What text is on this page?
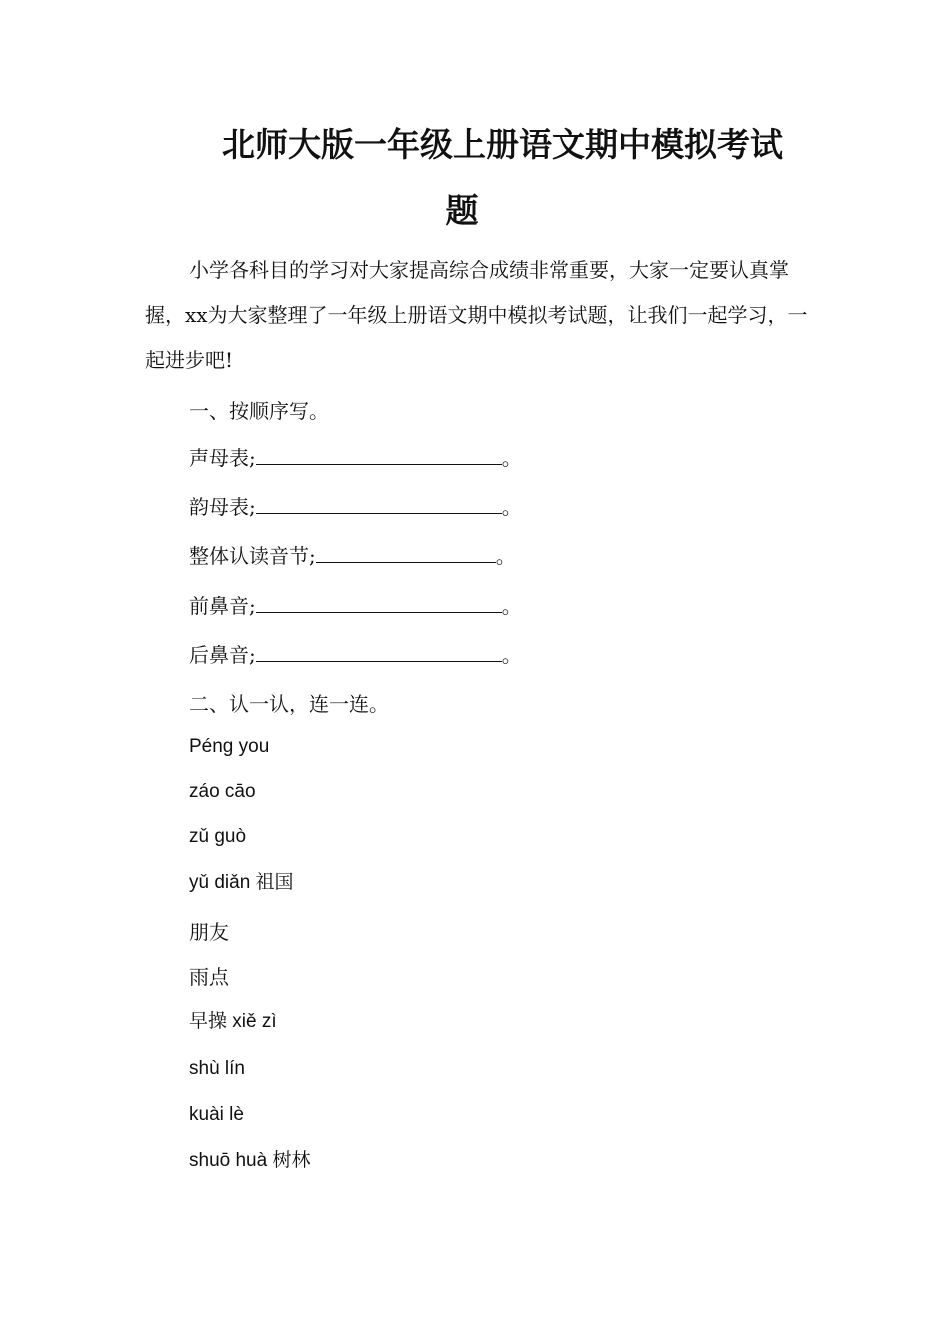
北师大版一年级上册语文期中模拟考试
题
小学各科目的学习对大家提高综合成绩非常重要，大家一定要认真掌握，xx为大家整理了一年级上册语文期中模拟考试题，让我们一起学习，一起进步吧!
一、按顺序写。
声母表;	。
韵母表;	。
整体认读音节;	。
前鼻音;	。
后鼻音;	。
二、认一认，连一连。
Péng you
záo cāo
zǔ guò
yǔ diǎn 祖国
朋友
雨点
早操 xiě zì
shù lín
kuài lè
shuō huà 树林
